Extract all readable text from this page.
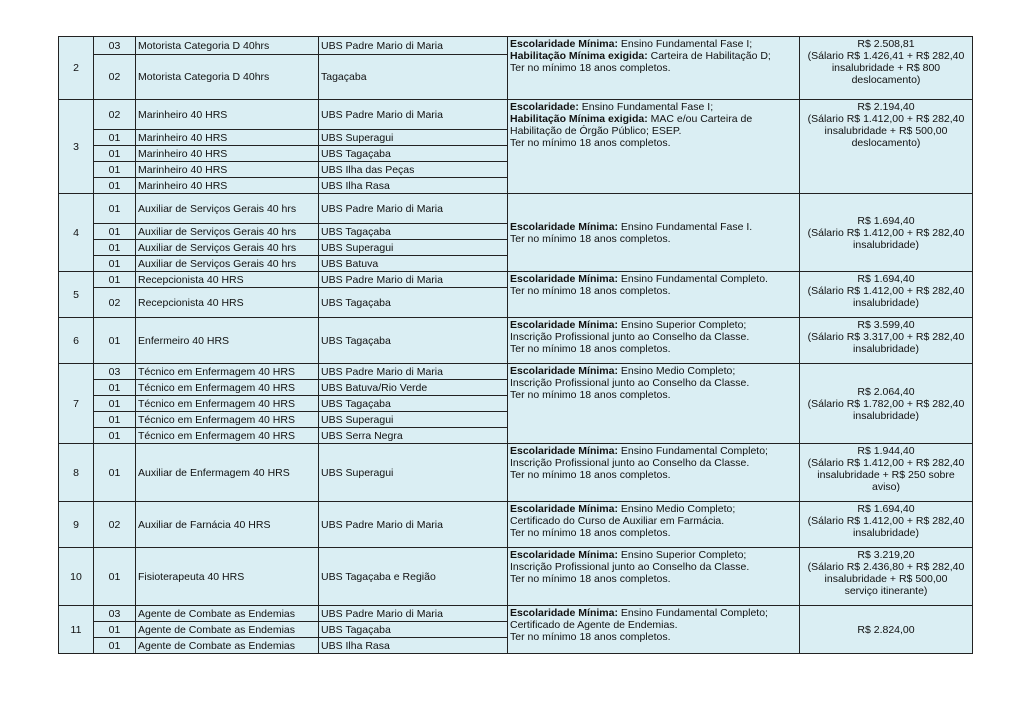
2	03	Motorista Categoria D 40hrs	UBS Padre Mario di Maria	Escolaridade Mínima: Ensino Fundamental Fase I;
Habilitação Mínima exigida: Carteira de Habilitação D;
Ter no mínimo 18 anos completos.	R$ 2.508,81
(Sálario R$ 1.426,41 + R$ 282,40
insalubridade + R$ 800
deslocamento)

	02	Motorista Categoria D 40hrs	Tagaçaba		
3	02	Marinheiro 40 HRS	UBS Padre Mario di Maria	Escolaridade: Ensino Fundamental Fase I;
Habilitação Mínima exigida: MAC e/ou Carteira de
Habilitação de Órgão Público; ESEP.
Ter no mínimo 18 anos completos.	R$ 2.194,40
(Sálario R$ 1.412,00 + R$ 282,40
insalubridade + R$ 500,00
deslocamento)

	01	Marinheiro 40 HRS	UBS Superagui		
	01	Marinheiro 40 HRS	UBS Tagaçaba		
	01	Marinheiro 40 HRS	UBS Ilha das Peças		
	01	Marinheiro 40 HRS	UBS Ilha Rasa		
4	01	Auxiliar de Serviços Gerais 40 hrs	UBS Padre Mario di Maria	Escolaridade Mínima: Ensino Fundamental Fase I.
Ter no mínimo 18 anos completos.	R$ 1.694,40
(Sálario R$ 1.412,00 + R$ 282,40
insalubridade)

	01	Auxiliar de Serviços Gerais 40 hrs	UBS Tagaçaba		
	01	Auxiliar de Serviços Gerais 40 hrs	UBS Superagui		
	01	Auxiliar de Serviços Gerais 40 hrs	UBS Batuva		
5	01	Recepcionista 40 HRS	UBS Padre Mario di Maria	Escolaridade Mínima: Ensino Fundamental Completo.
Ter no mínimo 18 anos completos.	R$ 1.694,40
(Sálario R$ 1.412,00 + R$ 282,40
insalubridade)

	02	Recepcionista 40 HRS	UBS Tagaçaba		
6	01	Enfermeiro 40 HRS	UBS Tagaçaba	Escolaridade Mínima: Ensino Superior Completo;
Inscrição Profissional junto ao Conselho da Classe.
Ter no mínimo 18 anos completos.	R$ 3.599,40
(Sálario R$ 3.317,00 + R$ 282,40
insalubridade)

7	03	Técnico em Enfermagem 40 HRS	UBS Padre Mario di Maria	Escolaridade Mínima: Ensino Medio Completo;
Inscrição Profissional junto ao Conselho da Classe.
Ter no mínimo 18 anos completos.	R$ 2.064,40
(Sálario R$ 1.782,00 + R$ 282,40
insalubridade)

	01	Técnico em Enfermagem 40 HRS	UBS Batuva/Rio Verde		
	01	Técnico em Enfermagem 40 HRS	UBS Tagaçaba		
	01	Técnico em Enfermagem 40 HRS	UBS Superagui		
	01	Técnico em Enfermagem 40 HRS	UBS Serra Negra		
8	01	Auxiliar de Enfermagem 40 HRS	UBS Superagui	Escolaridade Mínima: Ensino Fundamental Completo;
Inscrição Profissional junto ao Conselho da Classe.
Ter no mínimo 18 anos completos.	R$ 1.944,40
(Sálario R$ 1.412,00 + R$ 282,40
insalubridade + R$ 250 sobre
aviso)

9	02	Auxiliar de Farnácia 40 HRS	UBS Padre Mario di Maria	Escolaridade Mínima: Ensino Medio Completo;
Certificado do Curso de Auxiliar em Farmácia.
Ter no mínimo 18 anos completos.	R$ 1.694,40
(Sálario R$ 1.412,00 + R$ 282,40
insalubridade)

10	01	Fisioterapeuta 40 HRS	UBS Tagaçaba e Região	Escolaridade Mínima: Ensino Superior Completo;
Inscrição Profissional junto ao Conselho da Classe.
Ter no mínimo 18 anos completos.	R$ 3.219,20
(Sálario R$ 2.436,80 + R$ 282,40
insalubridade + R$ 500,00
serviço itinerante)

11	03	Agente de Combate as Endemias	UBS Padre Mario di Maria	Escolaridade Mínima: Ensino Fundamental Completo;
Certificado de Agente de Endemias.
Ter no mínimo 18 anos completos.	R$ 2.824,00

	01	Agente de Combate as Endemias	UBS Tagaçaba		
	01	Agente de Combate as Endemias	UBS Ilha Rasa		
